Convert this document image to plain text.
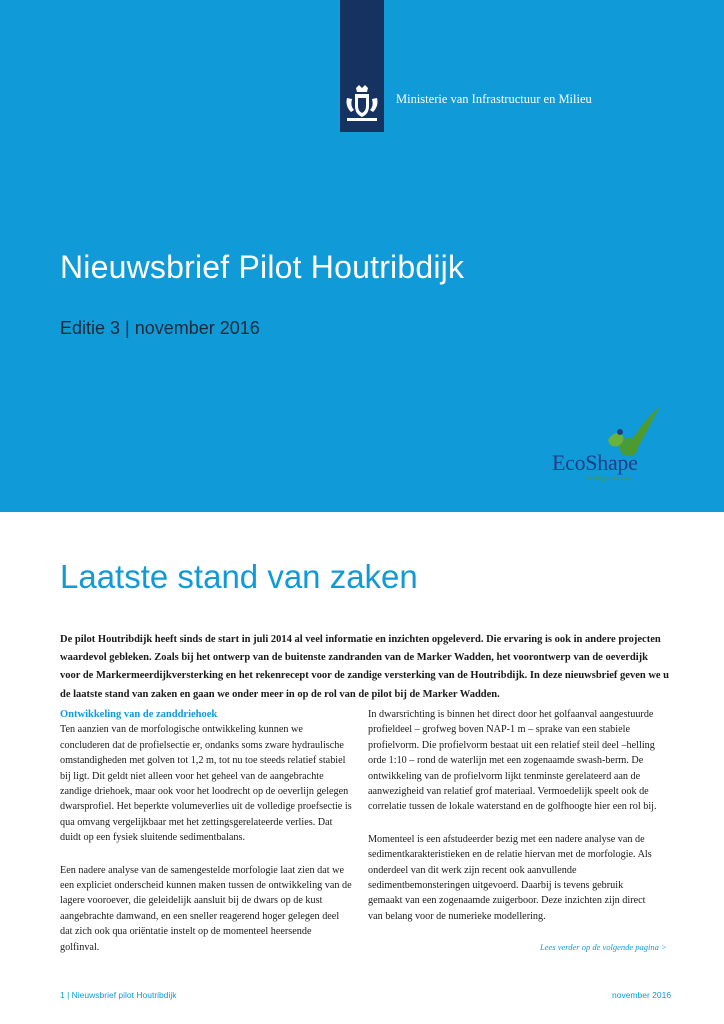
Ministerie van Infrastructuur en Milieu
Nieuwsbrief Pilot Houtribdijk
Editie 3 | november 2016
EcoShape
building with nature
Laatste stand van zaken
De pilot Houtribdijk heeft sinds de start in juli 2014 al veel informatie en inzichten opgeleverd. Die ervaring is ook in andere projecten waardevol gebleken. Zoals bij het ontwerp van de buitenste zandranden van de Marker Wadden, het voorontwerp van de oeverdijk voor de Markermeerdijkversterking en het rekenrecept voor de zandige versterking van de Houtribdijk. In deze nieuwsbrief geven we u de laatste stand van zaken en gaan we onder meer in op de rol van de pilot bij de Marker Wadden.
Ontwikkeling van de zanddriehoek

Ten aanzien van de morfologische ontwikkeling kunnen we concluderen dat de profielsectie er, ondanks soms zware hydraulische omstandigheden met golven tot 1,2 m, tot nu toe steeds relatief stabiel bij ligt. Dit geldt niet alleen voor het geheel van de aangebrachte zandige driehoek, maar ook voor het loodrecht op de oeverlijn gelegen dwarsprofiel. Het beperkte volumeverlies uit de volledige proefsectie is qua omvang vergelijkbaar met het zettingsgerelateerde verlies. Dat duidt op een fysiek sluitende sedimentbalans.

Een nadere analyse van de samengestelde morfologie laat zien dat we een expliciet onderscheid kunnen maken tussen de ontwikkeling van de lagere vooroever, die geleidelijk aansluit bij de dwars op de kust aangebrachte damwand, en een sneller reagerend hoger gelegen deel dat zich ook qua oriëntatie instelt op de momenteel heersende golfinval.

In dwarsrichting is binnen het direct door het golfaanval aangestuurde profieldeel – grofweg boven NAP-1 m – sprake van een stabiele profielvorm. Die profielvorm bestaat uit een relatief steil deel –helling orde 1:10 – rond de waterlijn met een zogenaamde swash-berm. De ontwikkeling van de profielvorm lijkt tenminste gerelateerd aan de aanwezigheid van relatief grof materiaal. Vermoedelijk speelt ook de correlatie tussen de lokale waterstand en de golfhoogte hier een rol bij.

Momenteel is een afstudeerder bezig met een nadere analyse van de sedimentkarakteristieken en de relatie hiervan met de morfologie. Als onderdeel van dit werk zijn recent ook aanvullende sedimentbemonsteringen uitgevoerd. Daarbij is tevens gebruik gemaakt van een zogenaamde zuigerboor. Deze inzichten zijn direct van belang voor de numerieke modellering.

Lees verder op de volgende pagina >
1 | Nieuwsbrief pilot Houtribdijk	november 2016
